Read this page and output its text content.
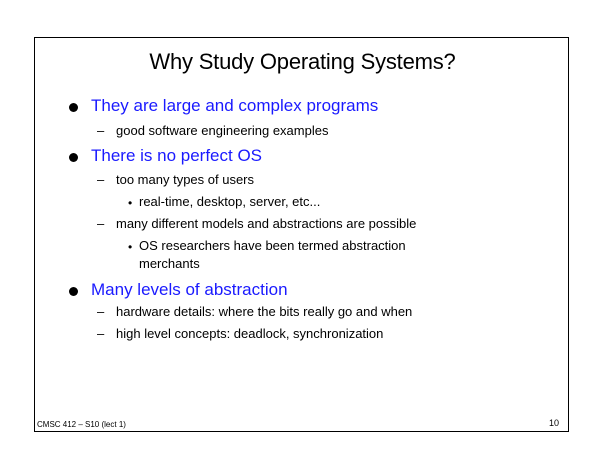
Why Study Operating Systems?
They are large and complex programs
– good software engineering examples
There is no perfect OS
– too many types of users
• real-time, desktop, server, etc...
– many different models and abstractions are possible
• OS researchers have been termed abstraction
merchants
Many levels of abstraction
– hardware details: where the bits really go and when
– high level concepts: deadlock, synchronization
CMSC 412 – S10 (lect 1)	10
